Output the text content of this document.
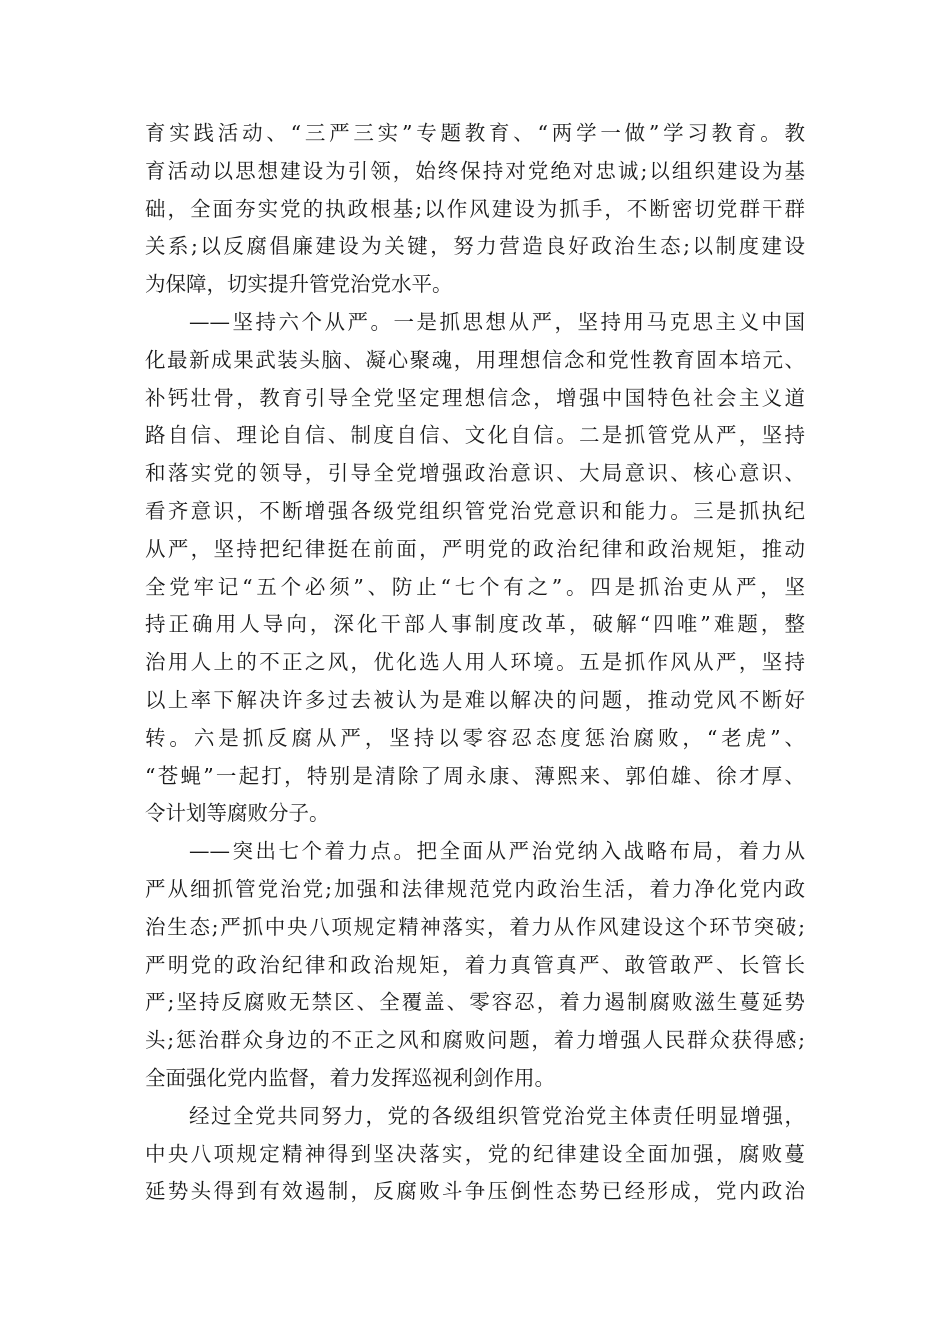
育实践活动、“三严三实”专题教育、“两学一做”学习教育。教
育活动以思想建设为引领，始终保持对党绝对忠诚;以组织建设为基
础，全面夯实党的执政根基;以作风建设为抓手，不断密切党群干群
关系;以反腐倡廉建设为关键，努力营造良好政治生态;以制度建设
为保障，切实提升管党治党水平。
——坚持六个从严。一是抓思想从严，坚持用马克思主义中国
化最新成果武装头脑、凝心聚魂，用理想信念和党性教育固本培元、
补钙壮骨，教育引导全党坚定理想信念，增强中国特色社会主义道
路自信、理论自信、制度自信、文化自信。二是抓管党从严，坚持
和落实党的领导，引导全党增强政治意识、大局意识、核心意识、
看齐意识，不断增强各级党组织管党治党意识和能力。三是抓执纪
从严，坚持把纪律挺在前面，严明党的政治纪律和政治规矩，推动
全党牢记“五个必须”、防止“七个有之”。四是抓治吏从严，坚
持正确用人导向，深化干部人事制度改革，破解“四唯”难题，整
治用人上的不正之风，优化选人用人环境。五是抓作风从严，坚持
以上率下解决许多过去被认为是难以解决的问题，推动党风不断好
转。六是抓反腐从严，坚持以零容忍态度惩治腐败，“老虎”、
“苍蝇”一起打，特别是清除了周永康、薄熙来、郭伯雄、徐才厚、
令计划等腐败分子。
——突出七个着力点。把全面从严治党纳入战略布局，着力从
严从细抓管党治党;加强和法律规范党内政治生活，着力净化党内政
治生态;严抓中央八项规定精神落实，着力从作风建设这个环节突破;
严明党的政治纪律和政治规矩，着力真管真严、敢管敢严、长管长
严;坚持反腐败无禁区、全覆盖、零容忍，着力遏制腐败滋生蔓延势
头;惩治群众身边的不正之风和腐败问题，着力增强人民群众获得感;
全面强化党内监督，着力发挥巡视利剑作用。
经过全党共同努力，党的各级组织管党治党主体责任明显增强，
中央八项规定精神得到坚决落实，党的纪律建设全面加强，腐败蔓
延势头得到有效遏制，反腐败斗争压倒性态势已经形成，党内政治
